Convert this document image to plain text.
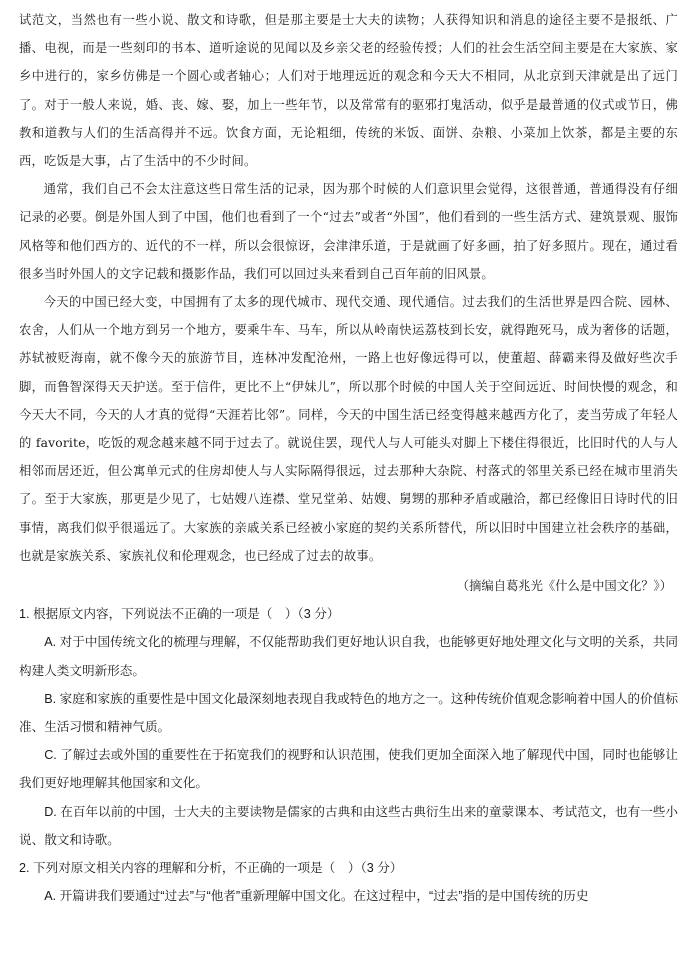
试范文，当然也有一些小说、散文和诗歌，但是那主要是士大夫的读物；人获得知识和消息的途径主要不是报纸、广播、电视，而是一些刻印的书本、道听途说的见闻以及乡亲父老的经验传授；人们的社会生活空间主要是在大家族、家乡中进行的，家乡仿佛是一个圆心或者轴心；人们对于地理远近的观念和今天大不相同，从北京到天津就是出了远门了。对于一般人来说，婚、丧、嫁、娶，加上一些年节，以及常常有的驱邪打鬼活动，似乎是最普通的仪式或节日，佛教和道教与人们的生活高得并不远。饮食方面，无论粗细，传统的米饭、面饼、杂粮、小菜加上饮茶，都是主要的东西，吃饭是大事，占了生活中的不少时间。

通常，我们自己不会太注意这些日常生活的记录，因为那个时候的人们意识里会觉得，这很普通，普通得没有仔细记录的必要。倒是外国人到了中国，他们也看到了一个“过去”或者“外国”，他们看到的一些生活方式、建筑景观、服饰风格等和他们西方的、近代的不一样，所以会很惊讶，会津津乐道，于是就画了好多画，拍了好多照片。现在，通过看很多当时外国人的文字记载和摄影作品，我们可以回过头来看到自己百年前的旧风景。

今天的中国已经大变，中国拥有了太多的现代城市、现代交通、现代通信。过去我们的生活世界是四合院、园林、农舍，人们从一个地方到另一个地方，要乘牛车、马车，所以从岭南快运荔枝到长安，就得跑死马，成为奢侈的话题，苏轼被贬海南，就不像今天的旅游节目，连林冲发配沧州，一路上也好像远得可以，使董超、薛霸来得及做好些次手脚，而鲁智深得天天护送。至于信件，更比不上“伊妹儿”，所以那个时候的中国人关于空间远近、时间快慢的观念，和今天大不同，今天的人才真的觉得“天涯若比邻”。同样，今天的中国生活已经变得越来越西方化了，麦当劳成了年轻人的 favorite，吃饭的观念越来越不同于过去了。就说住罢，现代人与人可能头对脚上下楼住得很近，比旧时代的人与人相邻而居还近，但公寓单元式的住房却使人与人实际隔得很远，过去那种大杂院、村落式的邻里关系已经在城市里消失了。至于大家族，那更是少见了，七姑嫂八连襟、堂兄堂弟、姑嫂、舅甥的那种矛盾或融洽，都已经像旧日诗时代的旧事情，离我们似乎很遥远了。大家族的亲戚关系已经被小家庭的契约关系所替代，所以旧时中国建立社会秩序的基础，也就是家族关系、家族礼仪和伦理观念，也已经成了过去的故事。

（摘编自葛兆光《什么是中国文化？》）

1. 根据原文内容，下列说法不正确的一项是（　）（3 分）

A. 对于中国传统文化的梳理与理解，不仅能帮助我们更好地认识自我，也能够更好地处理文化与文明的关系，共同构建人类文明新形态。

B. 家庭和家族的重要性是中国文化最深刻地表现自我或特色的地方之一。这种传统价值观念影响着中国人的价值标准、生活习惯和精神气质。

C. 了解过去或外国的重要性在于拓宽我们的视野和认识范围，使我们更加全面深入地了解现代中国，同时也能够让我们更好地理解其他国家和文化。

D. 在百年以前的中国，士大夫的主要读物是儒家的古典和由这些古典衍生出来的童蒙课本、考试范文，也有一些小说、散文和诗歌。

2. 下列对原文相关内容的理解和分析，不正确的一项是（　）（3 分）

A. 开篇讲我们要通过“过去”与“他者”重新理解中国文化。在这过程中，“过去”指的是中国传统的历史
